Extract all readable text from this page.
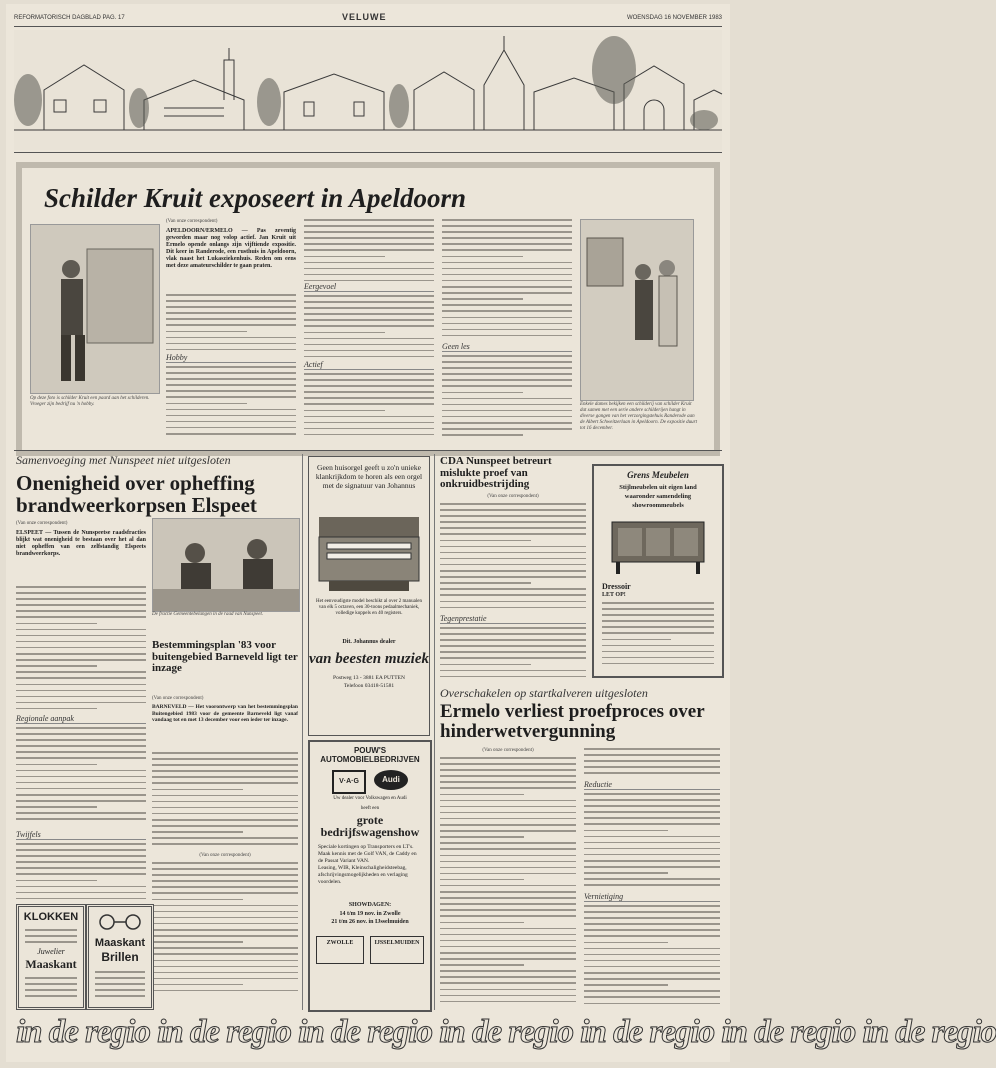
REFORMATORISCH DAGBLAD PAG. 17	VELUWE	WOENSDAG 16 NOVEMBER 1983
Schilder Kruit exposeert in Apeldoorn
Op deze foto is schilder Kruit een paard aan het schilderen. Vroeger zijn bedrijf nu 'n hobby.
(Van onze correspondent)
APELDOORN/ERMELO — Pas zeventig geworden maar nog volop actief. Jan Kruit uit Ermelo opende onlangs zijn vijftiende expositie. Dit keer in Randerode, een rusthuis in Apeldoorn, vlak naast het Lukasziekenhuis. Reden om eens met deze amateurschilder te gaan praten.
Hobby
Eergevoel
Actief
Geen les
Enkele dames bekijken een schilderij van schilder Kruit dat samen met een serie andere schilderijen hangt in diverse gangen van het verzorgingstehuis Randerode aan de Albert Schweitzerlaan in Apeldoorn. De expositie duurt tot 16 december.
Samenvoeging met Nunspeet niet uitgesloten
Onenigheid over opheffing brandweerkorpsen Elspeet
(Van onze correspondent)
ELSPEET — Tussen de Nunspeetse raadsfracties blijkt wat onenigheid te bestaan over het al dan niet opheffen van een zelfstandig Elspeets brandweerkorps.
De fractie Gemeentebelangen in de raad van Nunspeet.
Regionale aanpak
Twijfels
Bestemmingsplan '83 voor buitengebied Barneveld ligt ter inzage
(Van onze correspondent)
BARNEVELD — Het voorontwerp van het bestemmingsplan Buitengebied 1983 voor de gemeente Barneveld ligt vanaf vandaag tot en met 13 december voor een ieder ter inzage.
(Van onze correspondent)
KLOKKEN
Juwelier
Maaskant
Maaskant
Brillen
Geen huisorgel geeft u zo'n unieke klankrijkdom te horen als een orgel met de signatuur van Johannus
Het eenvoudigste model beschikt al over 2 manualen van elk 5 octaven, een 30-toons pedaalmechaniek, volledige koppels en 40 registers.
Dit. Johannus dealer
van beesten muziek
Postweg 13 - 3881 EA PUTTEN
Telefoon 03418-51581
POUW'S AUTOMOBIELBEDRIJVEN
V·A·G	Audi
Uw dealer voor Volkswagen en Audi
heeft een
grote bedrijfswagenshow
Speciale kortingen op Transporters en LT's.
Maak kennis met de Golf VAN, de Caddy en de Passat Variant VAN.
Leasing, WIR, Kleinschaligheidsteebag, afschrijvingsmogelijkheden en verlaging voordelen.
SHOWDAGEN:
14 t/m 19 nov. in Zwolle
21 t/m 26 nov. in IJsselmuiden
ZWOLLE	IJSSELMUIDEN
CDA Nunspeet betreurt mislukte proef van onkruidbestrijding
(Van onze correspondent)
Tegenprestatie
Grens Meubelen
Stijlmeubelen uit eigen land
waaronder samendeling
showroommeubels
Dressoir
LET OP!
Overschakelen op startkalveren uitgesloten
Ermelo verliest proefproces over hinderwetvergunning
(Van onze correspondent)
Reductie
Vernietiging
in de regio in de regio in de regio in de regio in de regio in de regio in de regio
